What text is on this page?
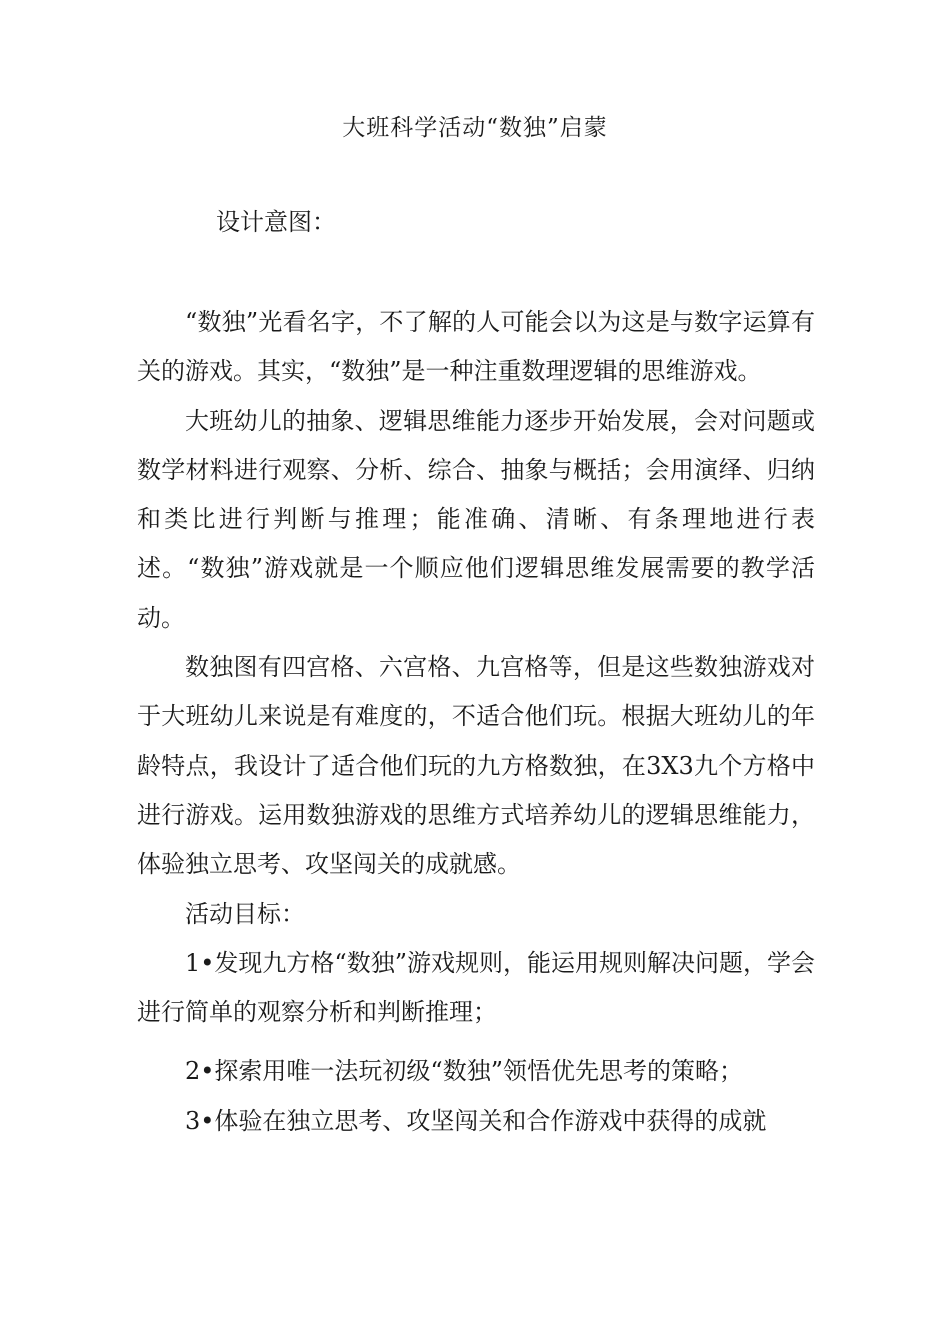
大班科学活动“数独”启蒙
设计意图：

“数独”光看名字，不了解的人可能会以为这是与数字运算有关的游戏。其实，“数独”是一种注重数理逻辑的思维游戏。

大班幼儿的抽象、逻辑思维能力逐步开始发展，会对问题或数学材料进行观察、分析、综合、抽象与概括；会用演绎、归纳和类比进行判断与推理；能准确、清晰、有条理地进行表述。“数独”游戏就是一个顺应他们逻辑思维发展需要的教学活动。

数独图有四宫格、六宫格、九宫格等，但是这些数独游戏对于大班幼儿来说是有难度的，不适合他们玩。根据大班幼儿的年龄特点，我设计了适合他们玩的九方格数独，在3X3九个方格中进行游戏。运用数独游戏的思维方式培养幼儿的逻辑思维能力，体验独立思考、攻坚闯关的成就感。

活动目标：

1•发现九方格“数独”游戏规则，能运用规则解决问题，学会进行简单的观察分析和判断推理；

2•探索用唯一法玩初级“数独”领悟优先思考的策略；

3•体验在独立思考、攻坚闯关和合作游戏中获得的成就
